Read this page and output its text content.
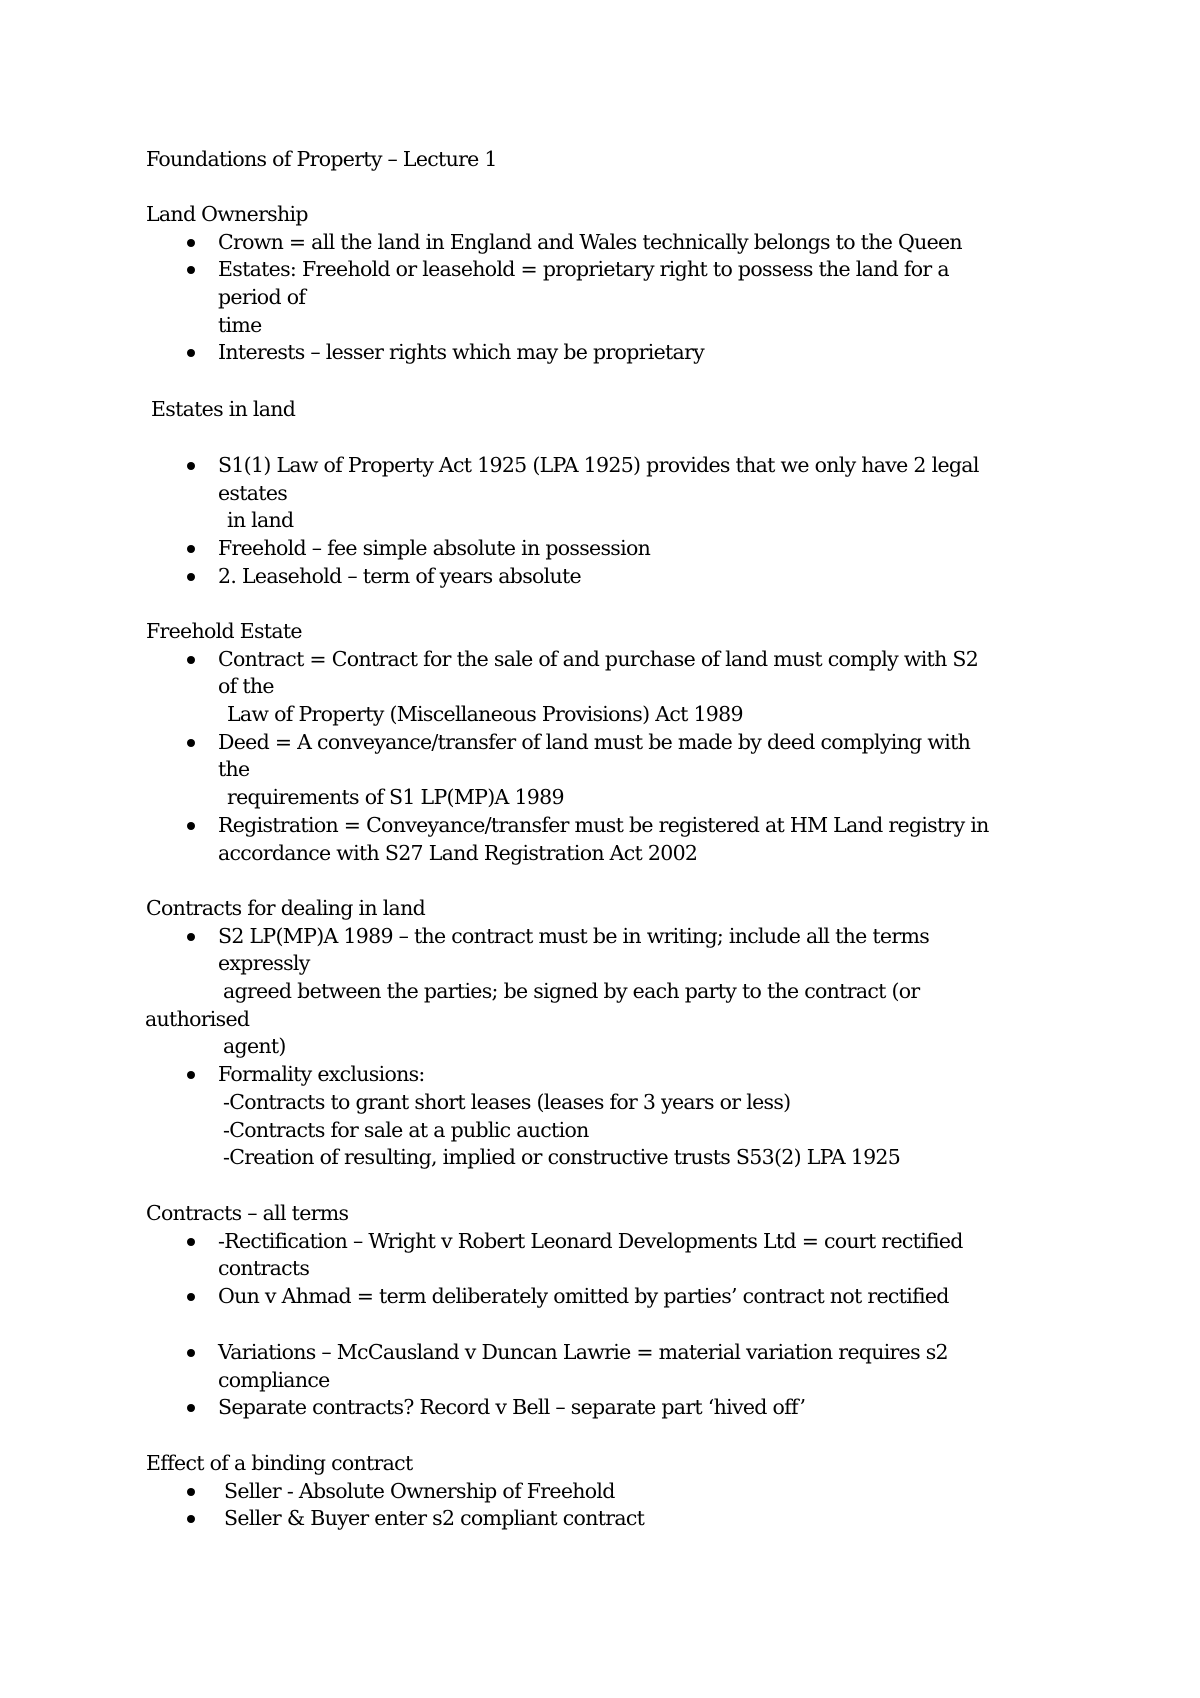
Foundations of Property – Lecture 1
Land Ownership
Crown = all the land in England and Wales technically belongs to the Queen
Estates: Freehold or leasehold = proprietary right to possess the land for a
period of
time
Interests – lesser rights which may be proprietary
Estates in land
S1(1) Law of Property Act 1925 (LPA 1925) provides that we only have 2 legal
estates
in land
Freehold – fee simple absolute in possession
2. Leasehold – term of years absolute
Freehold Estate
Contract = Contract for the sale of and purchase of land must comply with S2
of the
Law of Property (Miscellaneous Provisions) Act 1989
Deed = A conveyance/transfer of land must be made by deed complying with
the
requirements of S1 LP(MP)A 1989
Registration = Conveyance/transfer must be registered at HM Land registry in
accordance with S27 Land Registration Act 2002
Contracts for dealing in land
S2 LP(MP)A 1989 – the contract must be in writing; include all the terms
expressly
agreed between the parties; be signed by each party to the contract (or
authorised
agent)
Formality exclusions:
-Contracts to grant short leases (leases for 3 years or less)
-Contracts for sale at a public auction
-Creation of resulting, implied or constructive trusts S53(2) LPA 1925
Contracts – all terms
-Rectification – Wright v Robert Leonard Developments Ltd = court rectified
contracts
Oun v Ahmad = term deliberately omitted by parties’ contract not rectified
Variations – McCausland v Duncan Lawrie = material variation requires s2
compliance
Separate contracts? Record v Bell – separate part ‘hived off’
Effect of a binding contract
Seller - Absolute Ownership of Freehold
Seller & Buyer enter s2 compliant contract
